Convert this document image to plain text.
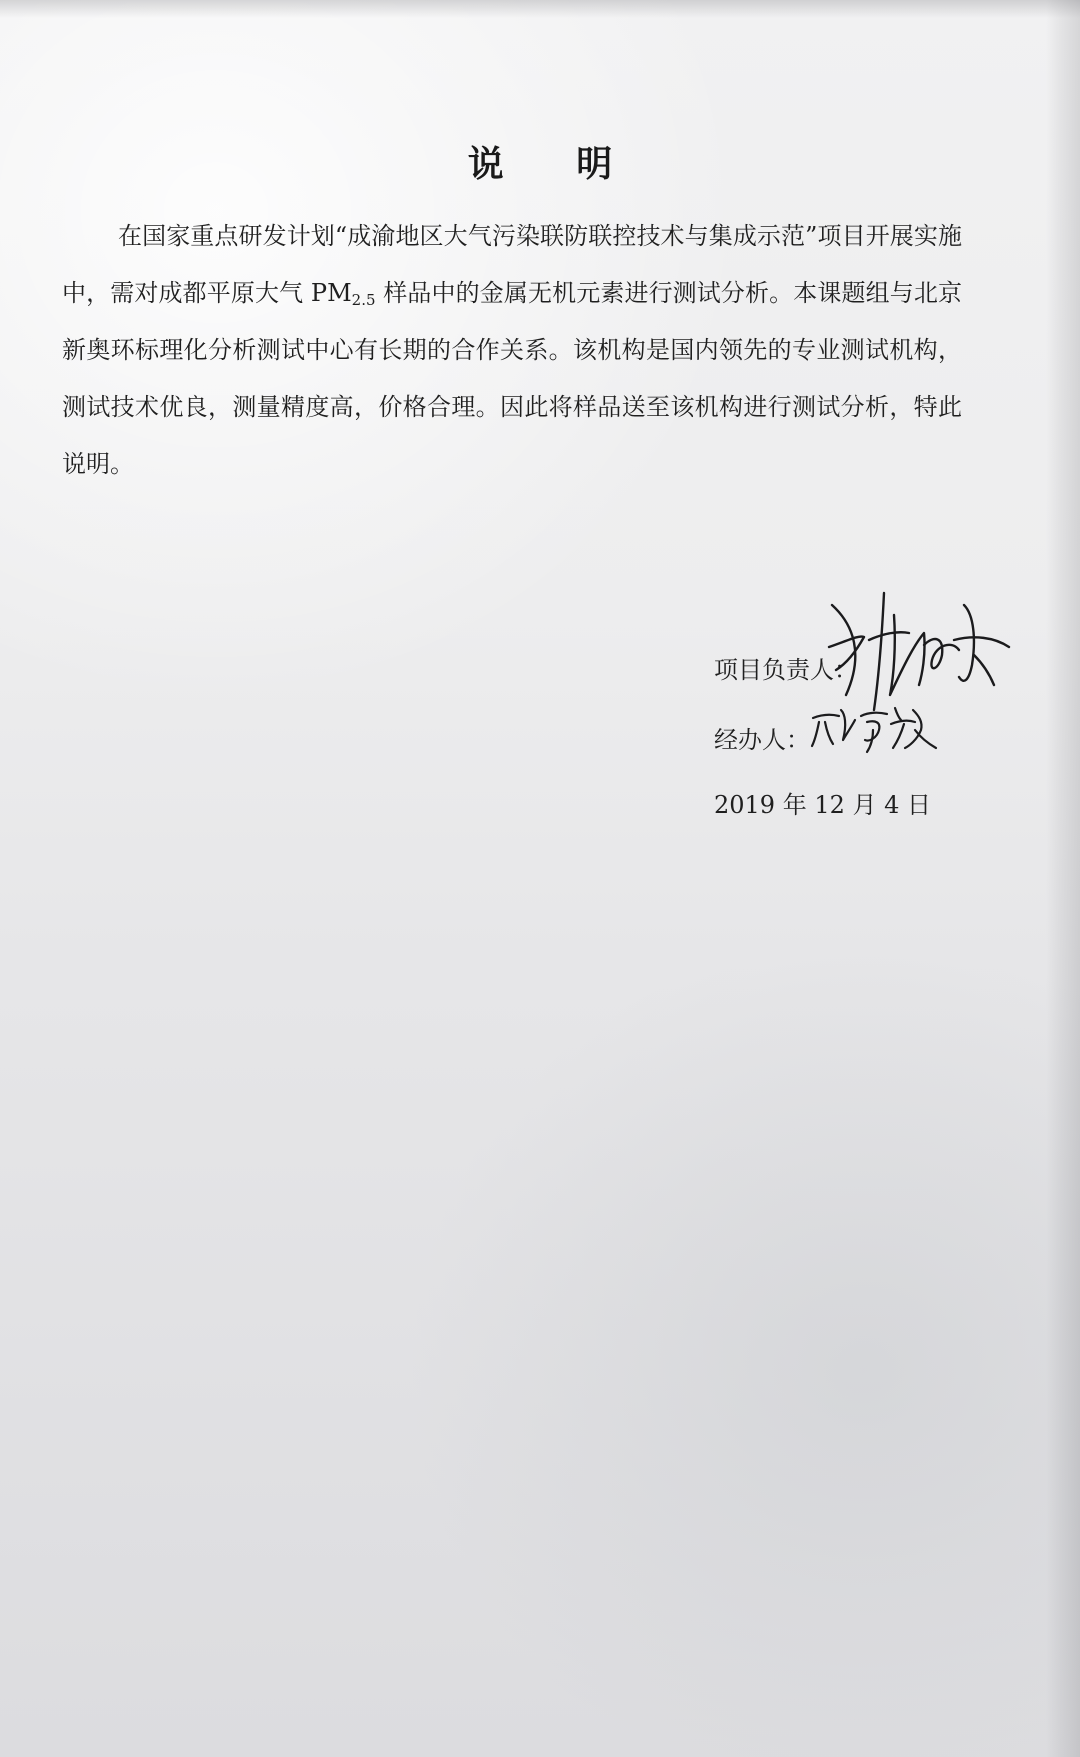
说 明

在国家重点研发计划“成渝地区大气污染联防联控技术与集成示范”项目开展实施中，需对成都平原大气 $PM_{2.5}$ 样品中的金属无机元素进行测试分析。本课题组与北京新奥环标理化分析测试中心有长期的合作关系。该机构是国内领先的专业测试机构，测试技术优良，测量精度高，价格合理。因此将样品送至该机构进行测试分析，特此说明。

项目负责人：
经办人：
2019 年 12 月 4 日
